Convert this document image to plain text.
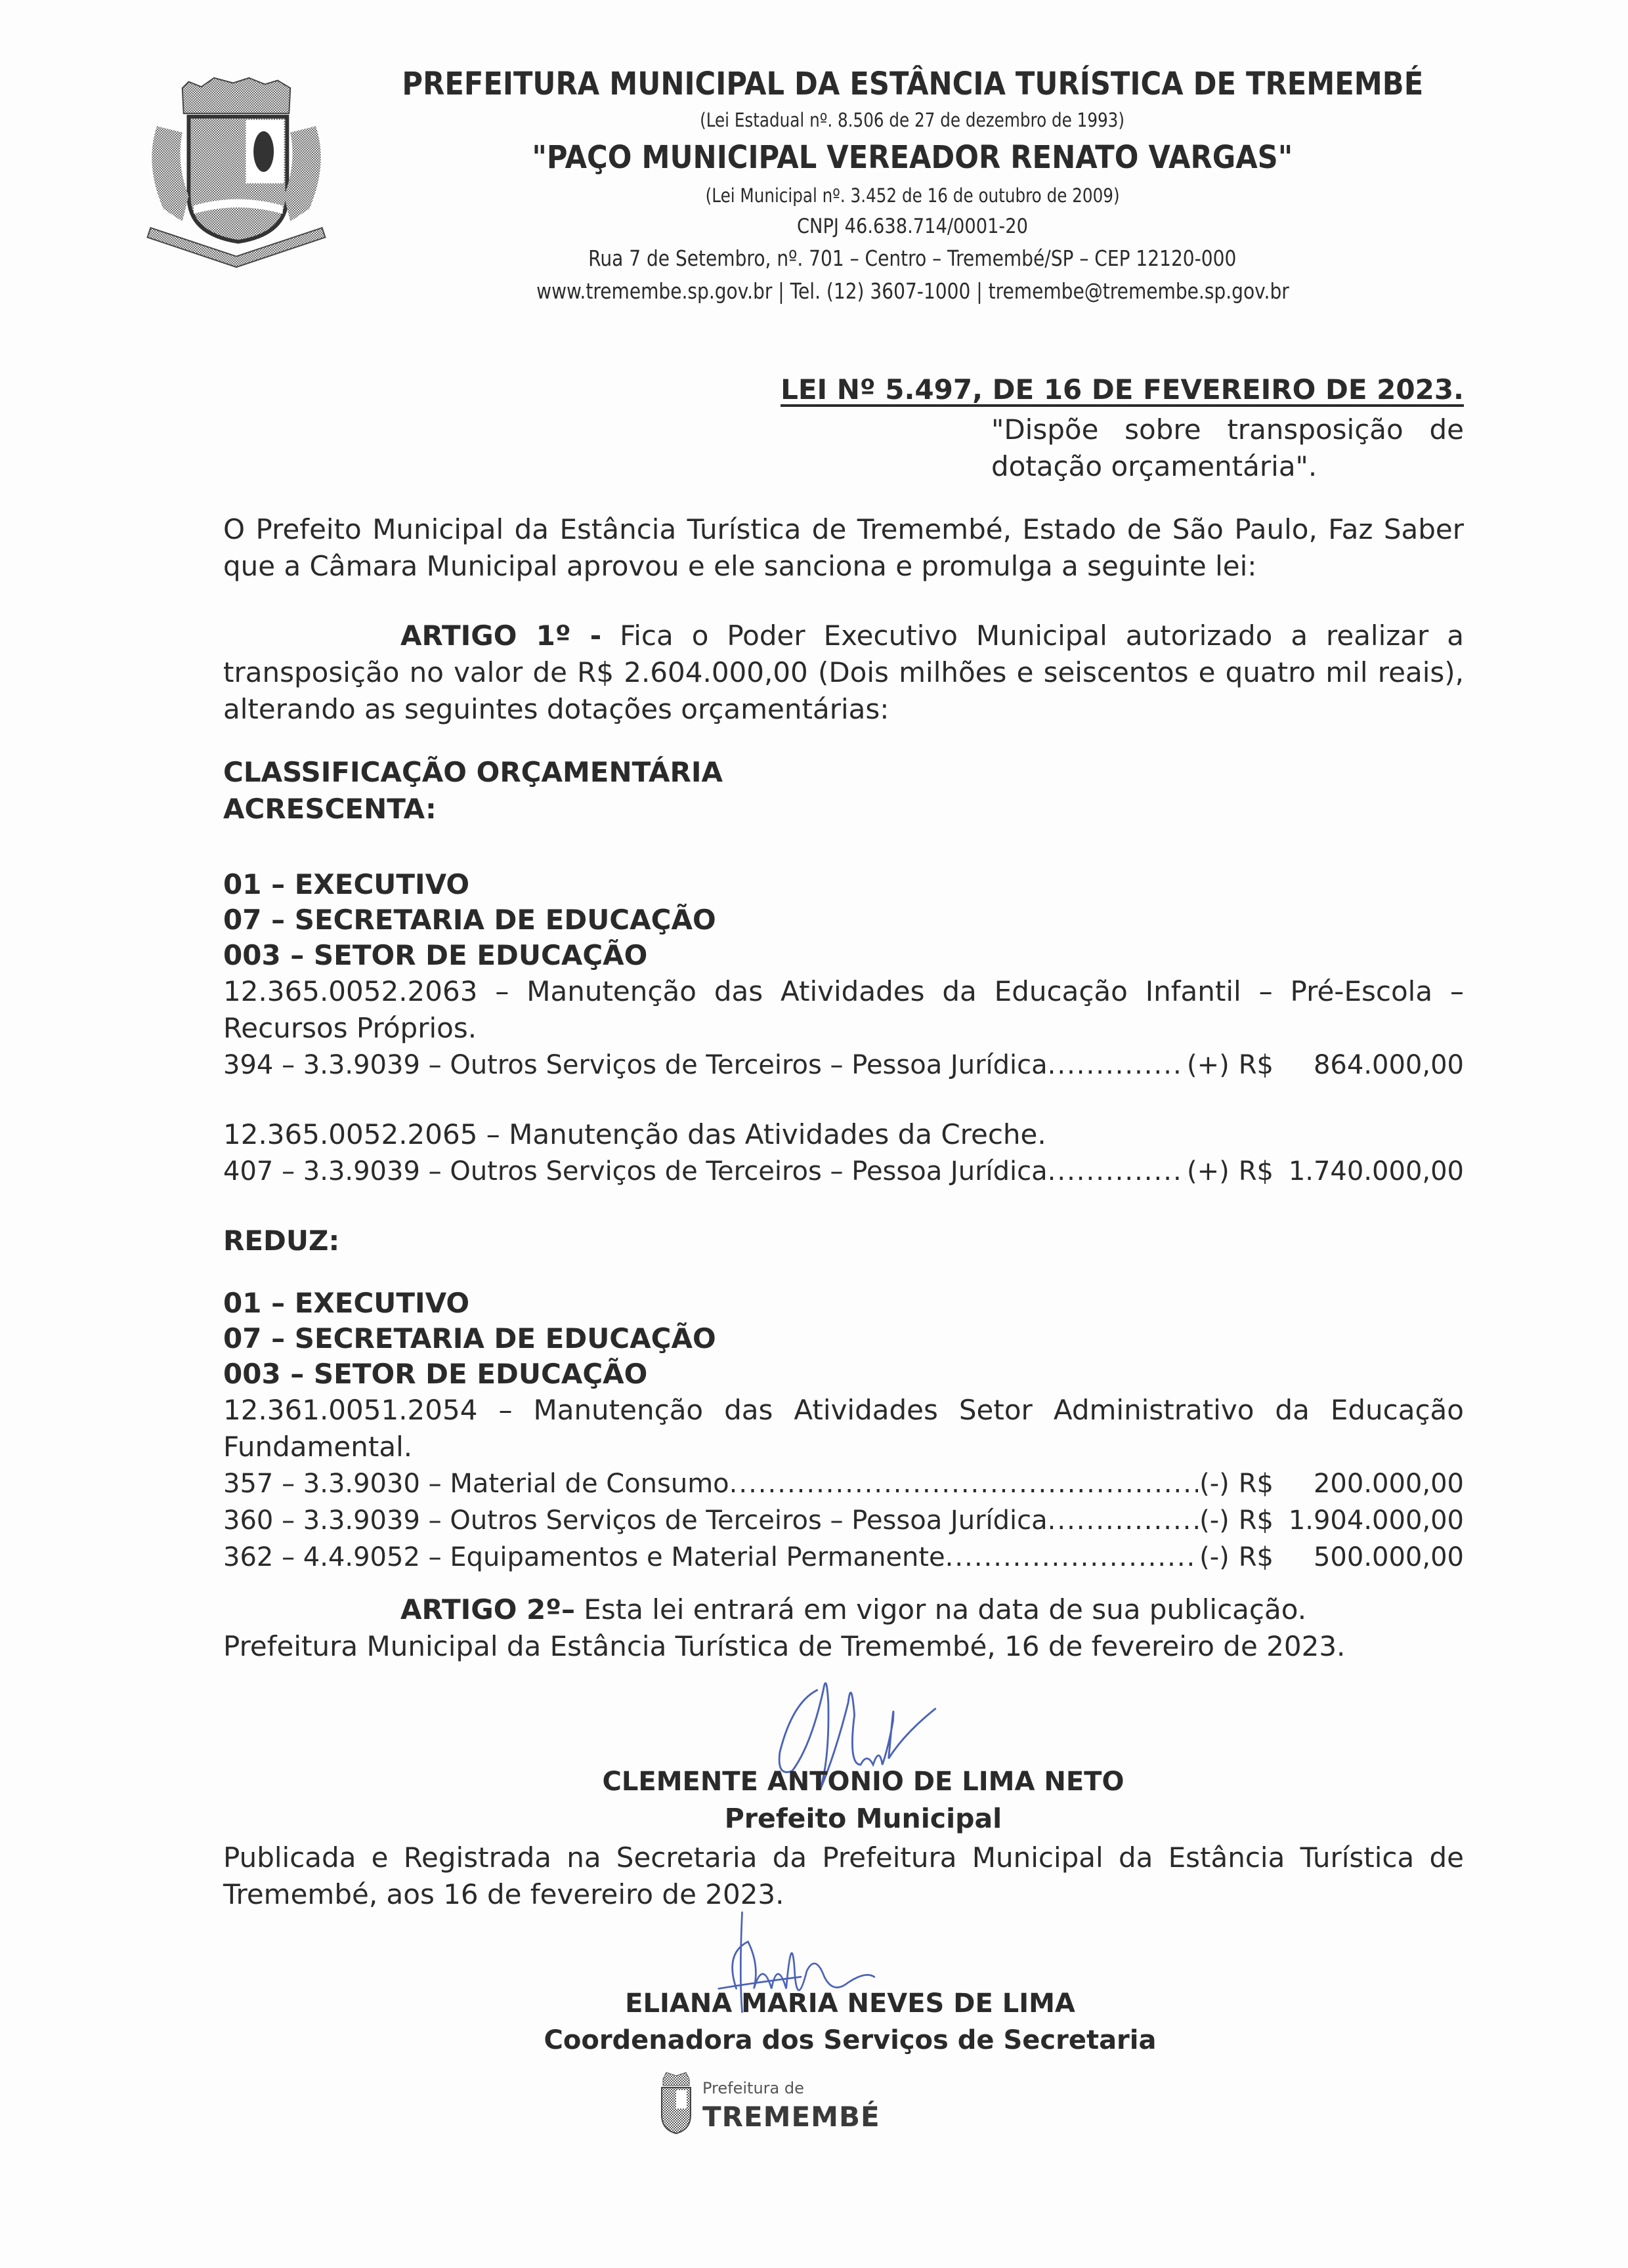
PREFEITURA MUNICIPAL DA ESTÂNCIA TURÍSTICA DE TREMEMBÉ
(Lei Estadual nº. 8.506 de 27 de dezembro de 1993)
"PAÇO MUNICIPAL VEREADOR RENATO VARGAS"
(Lei Municipal nº. 3.452 de 16 de outubro de 2009)
CNPJ 46.638.714/0001-20
Rua 7 de Setembro, nº. 701 – Centro – Tremembé/SP – CEP 12120-000
www.tremembe.sp.gov.br | Tel. (12) 3607-1000 | tremembe@tremembe.sp.gov.br
LEI Nº 5.497, DE 16 DE FEVEREIRO DE 2023.
"Dispõe sobre transposição de
dotação orçamentária".
O Prefeito Municipal da Estância Turística de Tremembé, Estado de São Paulo, Faz Saber que a Câmara Municipal aprovou e ele sanciona e promulga a seguinte lei:
ARTIGO 1º - Fica o Poder Executivo Municipal autorizado a realizar a transposição no valor de R$ 2.604.000,00 (Dois milhões e seiscentos e quatro mil reais), alterando as seguintes dotações orçamentárias:
CLASSIFICAÇÃO ORÇAMENTÁRIA
ACRESCENTA:
01 – EXECUTIVO
07 – SECRETARIA DE EDUCAÇÃO
003 – SETOR DE EDUCAÇÃO
12.365.0052.2063 – Manutenção das Atividades da Educação Infantil – Pré-Escola – Recursos Próprios.
394 – 3.3.9039 – Outros Serviços de Terceiros – Pessoa Jurídica .....	(+) R$	864.000,00
12.365.0052.2065 – Manutenção das Atividades da Creche.
407 – 3.3.9039 – Outros Serviços de Terceiros – Pessoa Jurídica .....	(+) R$ 1.740.000,00
REDUZ:
01 – EXECUTIVO
07 – SECRETARIA DE EDUCAÇÃO
003 – SETOR DE EDUCAÇÃO
12.361.0051.2054 – Manutenção das Atividades Setor Administrativo da Educação Fundamental.
357 – 3.3.9030 – Material de Consumo .....	(-) R$	200.000,00
360 – 3.3.9039 – Outros Serviços de Terceiros – Pessoa Jurídica .....	(-) R$ 1.904.000,00
362 – 4.4.9052 – Equipamentos e Material Permanente .....	(-) R$	500.000,00
ARTIGO 2º– Esta lei entrará em vigor na data de sua publicação.
Prefeitura Municipal da Estância Turística de Tremembé, 16 de fevereiro de 2023.
CLEMENTE ANTONIO DE LIMA NETO
Prefeito Municipal
Publicada e Registrada na Secretaria da Prefeitura Municipal da Estância Turística de Tremembé, aos 16 de fevereiro de 2023.
ELIANA MARIA NEVES DE LIMA
Coordenadora dos Serviços de Secretaria
Prefeitura de
TREMEMBÉ
